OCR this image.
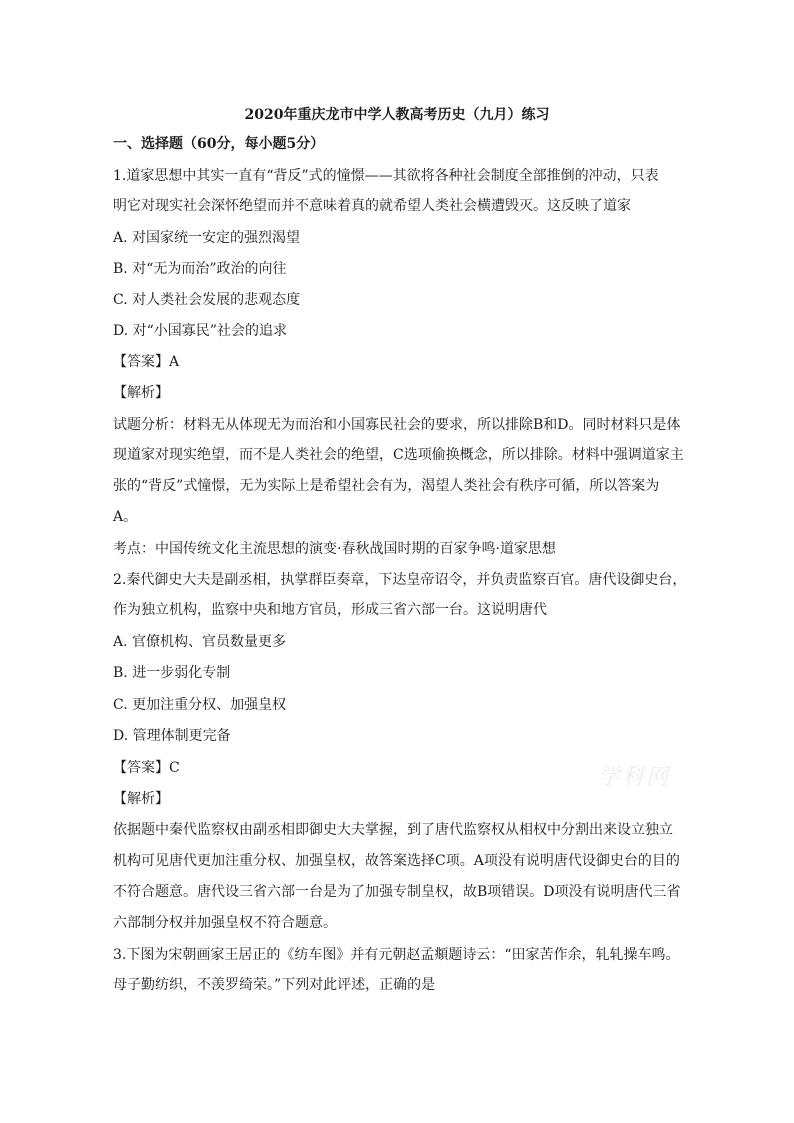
2020年重庆龙市中学人教高考历史（九月）练习
一、选择题（60分，每小题5分）
1.道家思想中其实一直有“背反”式的憧憬——其欲将各种社会制度全部推倒的冲动，只表
明它对现实社会深怀绝望而并不意味着真的就希望人类社会横遭毁灭。这反映了道家
A. 对国家统一安定的强烈渴望
B. 对“无为而治”政治的向往
C. 对人类社会发展的悲观态度
D. 对“小国寡民”社会的追求
【答案】A
【解析】
试题分析：材料无从体现无为而治和小国寡民社会的要求，所以排除B和D。同时材料只是体
现道家对现实绝望，而不是人类社会的绝望，C选项偷换概念，所以排除。材料中强调道家主
张的“背反”式憧憬，无为实际上是希望社会有为，渴望人类社会有秩序可循，所以答案为
A。
考点：中国传统文化主流思想的演变·春秋战国时期的百家争鸣·道家思想
2.秦代御史大夫是副丞相，执掌群臣奏章，下达皇帝诏令，并负责监察百官。唐代设御史台，
作为独立机构，监察中央和地方官员，形成三省六部一台。这说明唐代
A. 官僚机构、官员数量更多
B. 进一步弱化专制
C. 更加注重分权、加强皇权
D. 管理体制更完备
【答案】C
【解析】
依据题中秦代监察权由副丞相即御史大夫掌握，到了唐代监察权从相权中分割出来设立独立
机构可见唐代更加注重分权、加强皇权，故答案选择C项。A项没有说明唐代设御史台的目的
不符合题意。唐代设三省六部一台是为了加强专制皇权，故B项错误。D项没有说明唐代三省
六部制分权并加强皇权不符合题意。
3.下图为宋朝画家王居正的《纺车图》并有元朝赵孟頫题诗云：“田家苦作余，轧轧操车鸣。
母子勤纺织，不羡罗绮荣。”下列对此评述，正确的是
学科网
